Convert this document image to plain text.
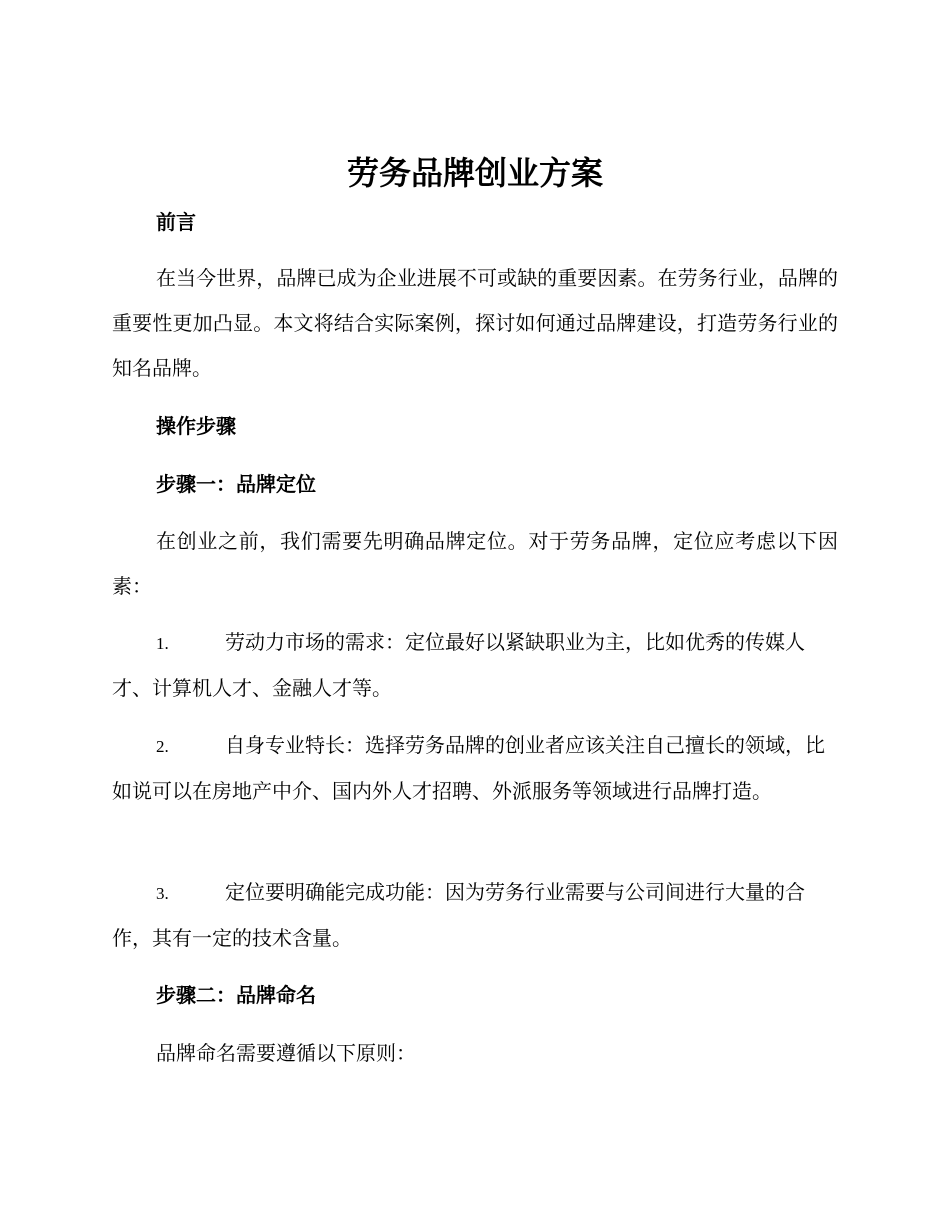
劳务品牌创业方案
前言
在当今世界，品牌已成为企业进展不可或缺的重要因素。在劳务行业，品牌的重要性更加凸显。本文将结合实际案例，探讨如何通过品牌建设，打造劳务行业的知名品牌。
操作步骤
步骤一：品牌定位
在创业之前，我们需要先明确品牌定位。对于劳务品牌，定位应考虑以下因素：
1.	劳动力市场的需求：定位最好以紧缺职业为主，比如优秀的传媒人才、计算机人才、金融人才等。
2.	自身专业特长：选择劳务品牌的创业者应该关注自己擅长的领域，比如说可以在房地产中介、国内外人才招聘、外派服务等领域进行品牌打造。
3.	定位要明确能完成功能：因为劳务行业需要与公司间进行大量的合作，其有一定的技术含量。
步骤二：品牌命名
品牌命名需要遵循以下原则：
